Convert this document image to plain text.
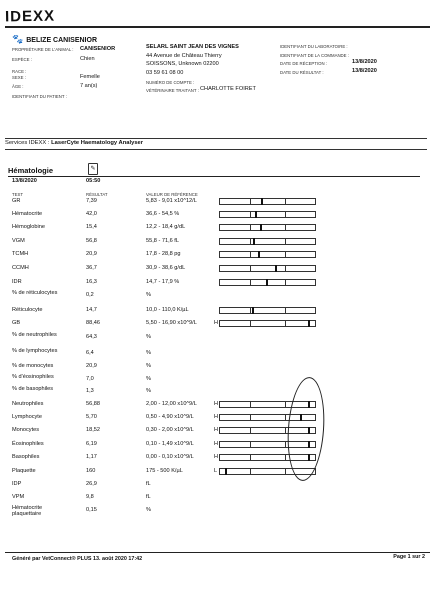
IDEXX
🐾 BELIZE CANISENIOR
PROPRIÉTAIRE DE L'ANIMAL : CANISENIOR
ESPÈCE :	Chien
RACE :
SEXE :	Femelle
ÂGE :	7 an(s)
IDENTIFIANT DU PATIENT :
SELARL SAINT JEAN DES VIGNES
44 Avenue de Château Thierry
SOISSONS, Unknown 02200
03 59 61 08 00
NUMÉRO DE COMPTE :
VÉTÉRINAIRE TRAITANT : CHARLOTTE FOIRET
IDENTIFIANT DU LABORATOIRE :
IDENTIFIANT DE LA COMMANDE :
DATE DE RÉCEPTION :	13/8/2020
DATE DU RÉSULTAT :	13/8/2020
Services IDEXX : LaserCyte Haematology Analyser
Hématologie	✎
13/8/2020	05:50
TEST	RÉSULTAT	VALEUR DE RÉFÉRENCE
GR	7,39	5,83 - 9,01 x10^12/L
Hématocrite	42,0	36,6 - 54,5 %
Hémoglobine	15,4	12,2 - 18,4 g/dL
VGM	56,8	55,8 - 71,6 fL
TCMH	20,9	17,8 - 28,8 pg
CCMH	36,7	30,9 - 38,6 g/dL
IDR	16,3	14,7 - 17,9 %
% de réticulocytes	0,2	%
Réticulocyte	14,7	10,0 - 110,0 K/µL
GB	88,46	5,50 - 16,90 x10^9/L	H
% de neutrophiles	64,3	%
% de lymphocytes	6,4	%
% de monocytes	20,9	%
% d'éosinophiles	7,0	%
% de basophiles	1,3	%
Neutrophiles	56,88	2,00 - 12,00 x10^9/L	H
Lymphocyte	5,70	0,50 - 4,90 x10^9/L	H
Monocytes	18,52	0,30 - 2,00 x10^9/L	H
Éosinophiles	6,19	0,10 - 1,49 x10^9/L	H
Basophiles	1,17	0,00 - 0,10 x10^9/L	H
Plaquette	160	175 - 500 K/µL	L
IDP	26,9	fL
VPM	9,8	fL
Hématocrite plaquettaire
0,15	%
Généré par VetConnect® PLUS 13. août 2020 17:42	Page 1 sur 2
